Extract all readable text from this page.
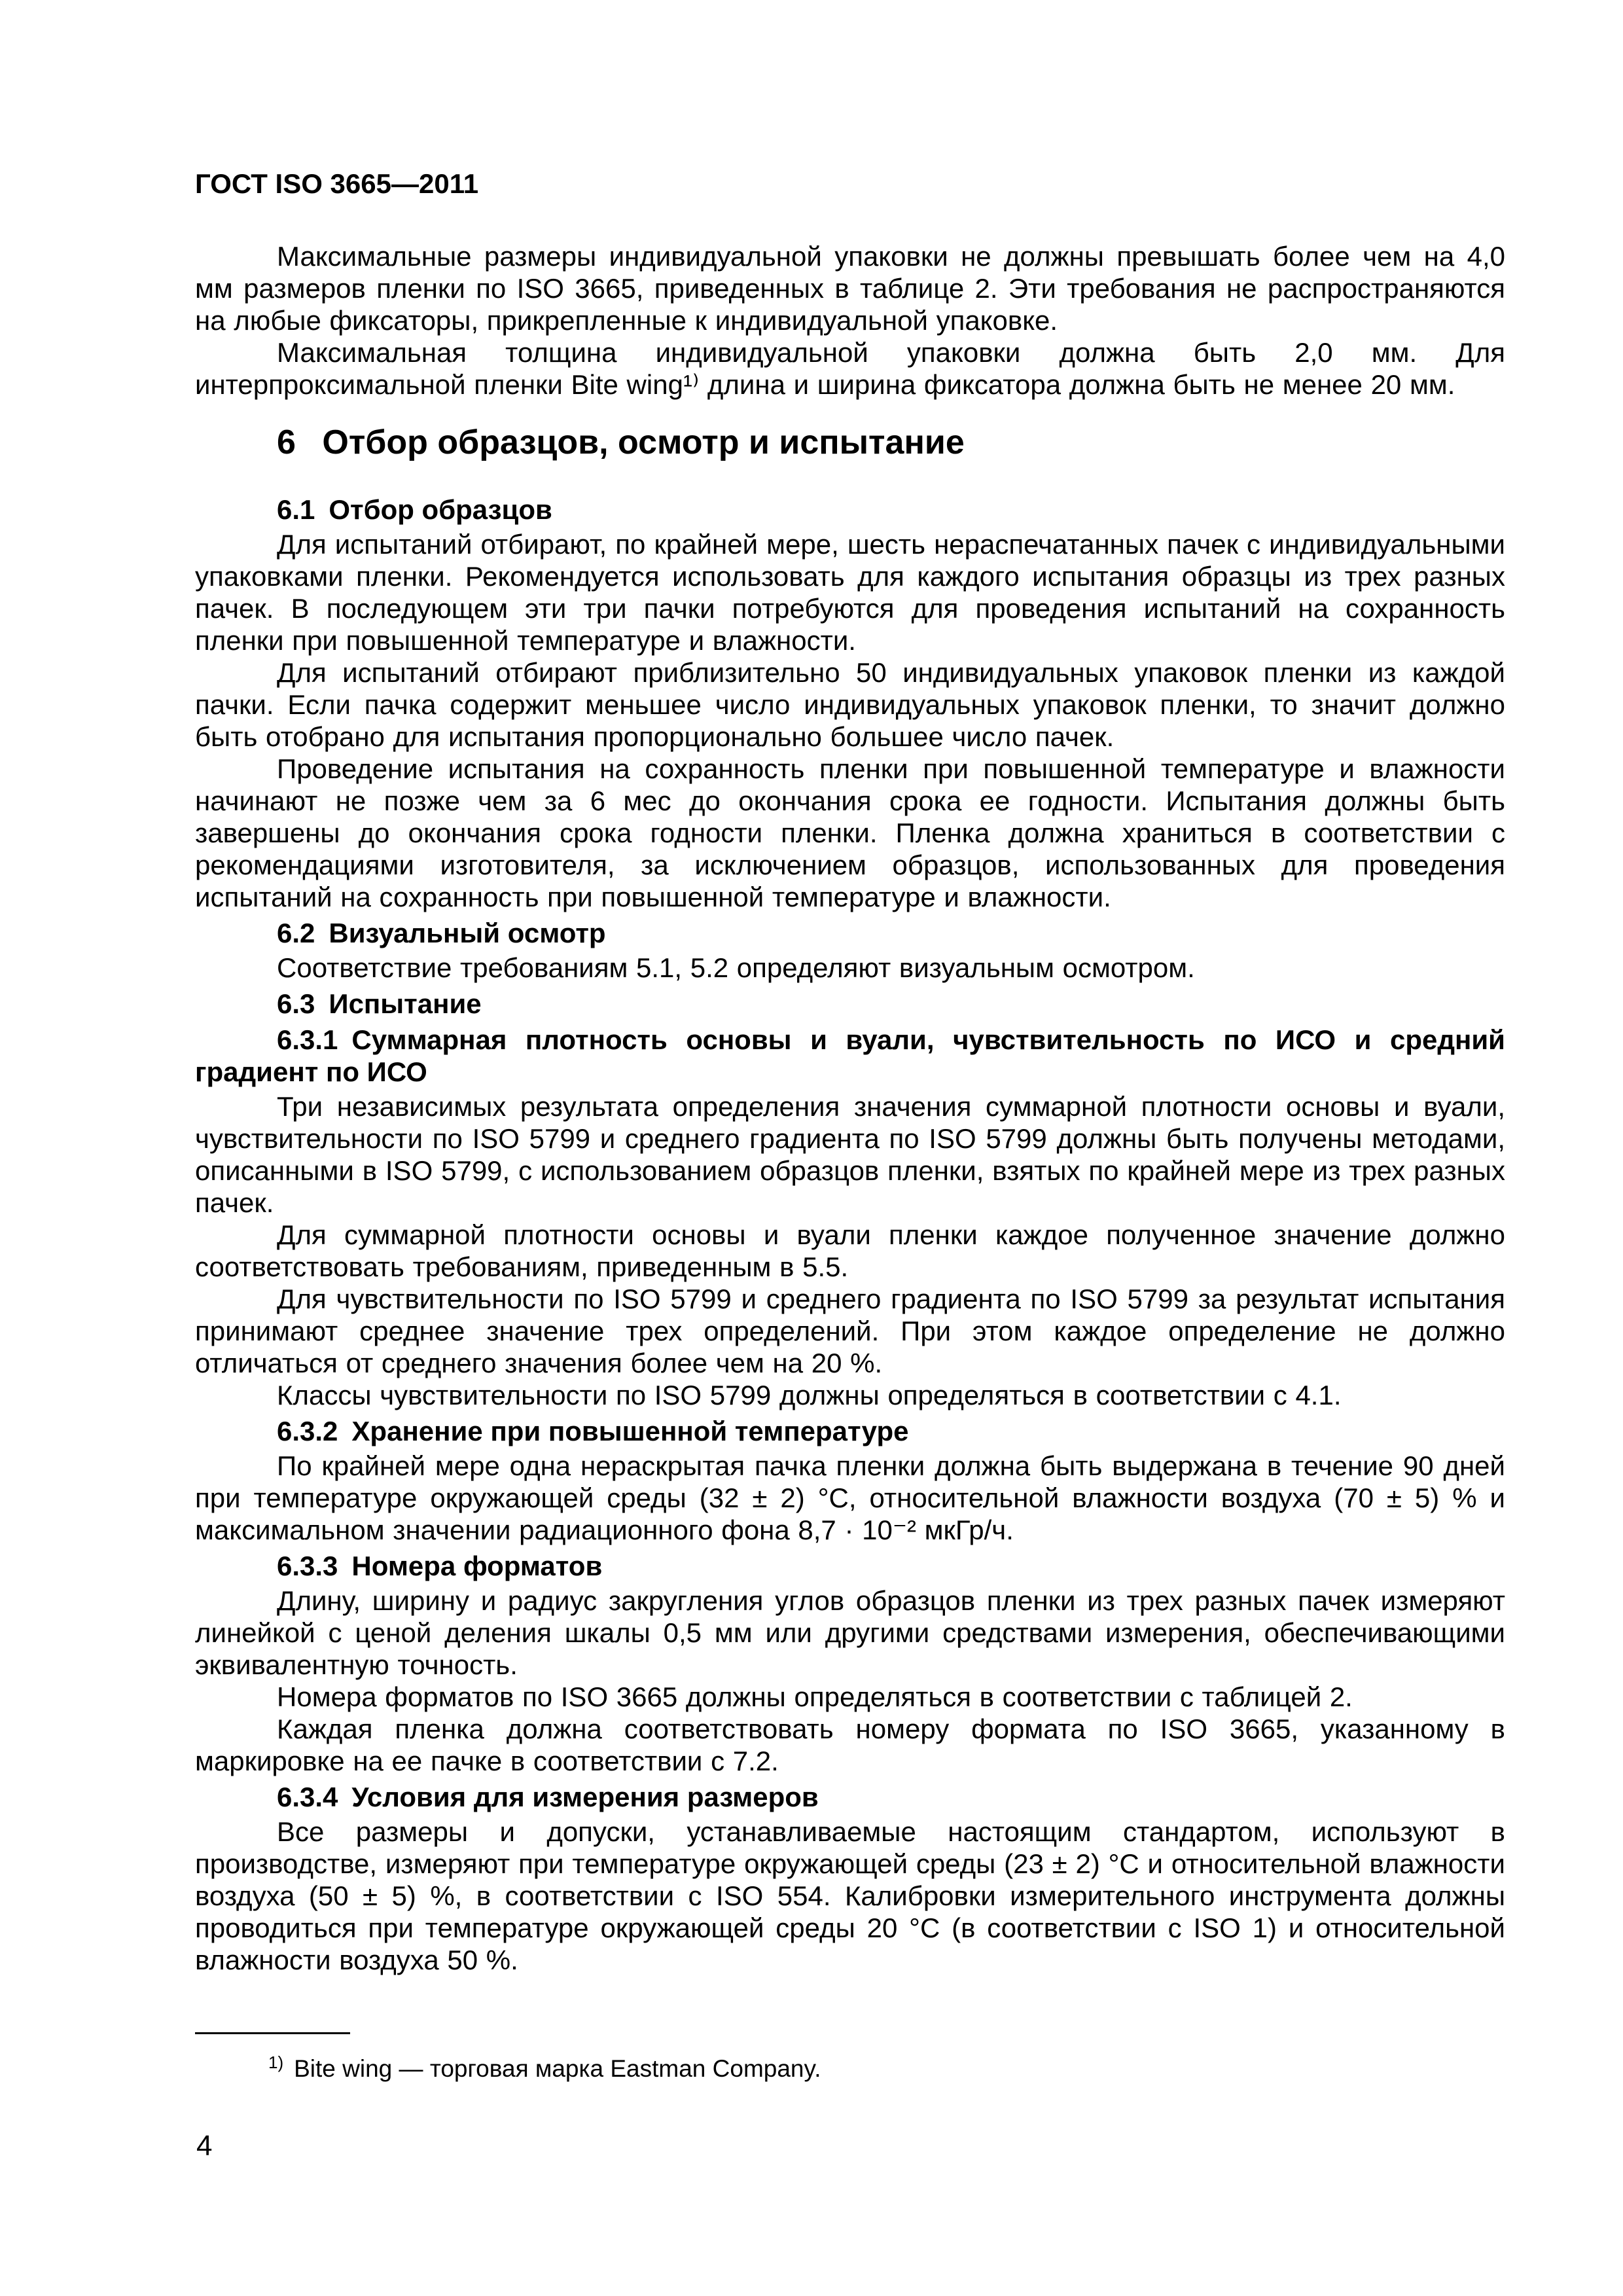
ГОСТ ISO 3665—2011

Максимальные размеры индивидуальной упаковки не должны превышать более чем на 4,0 мм размеров пленки по ISO 3665, приведенных в таблице 2. Эти требования не распространяются на любые фиксаторы, прикрепленные к индивидуальной упаковке.

Максимальная толщина индивидуальной упаковки должна быть 2,0 мм. Для интерпроксимальной пленки Bite wing¹⁾ длина и ширина фиксатора должна быть не менее 20 мм.

6  Отбор образцов, осмотр и испытание
6.1 Отбор образцов

Для испытаний отбирают, по крайней мере, шесть нераспечатанных пачек с индивидуальными упаковками пленки. Рекомендуется использовать для каждого испытания образцы из трех разных пачек. В последующем эти три пачки потребуются для проведения испытаний на сохранность пленки при повышенной температуре и влажности.

Для испытаний отбирают приблизительно 50 индивидуальных упаковок пленки из каждой пачки. Если пачка содержит меньшее число индивидуальных упаковок пленки, то значит должно быть отобрано для испытания пропорционально большее число пачек.

Проведение испытания на сохранность пленки при повышенной температуре и влажности начинают не позже чем за 6 мес до окончания срока ее годности. Испытания должны быть завершены до окончания срока годности пленки. Пленка должна храниться в соответствии с рекомендациями изготовителя, за исключением образцов, использованных для проведения испытаний на сохранность при повышенной температуре и влажности.

6.2 Визуальный осмотр

Соответствие требованиям 5.1, 5.2 определяют визуальным осмотром.

6.3 Испытание
6.3.1 Суммарная плотность основы и вуали, чувствительность по ИСО и средний градиент по ИСО

Три независимых результата определения значения суммарной плотности основы и вуали, чувствительности по ISO 5799 и среднего градиента по ISO 5799 должны быть получены методами, описанными в ISO 5799, с использованием образцов пленки, взятых по крайней мере из трех разных пачек.

Для суммарной плотности основы и вуали пленки каждое полученное значение должно соответствовать требованиям, приведенным в 5.5.

Для чувствительности по ISO 5799 и среднего градиента по ISO 5799 за результат испытания принимают среднее значение трех определений. При этом каждое определение не должно отличаться от среднего значения более чем на 20 %.

Классы чувствительности по ISO 5799 должны определяться в соответствии с 4.1.

6.3.2 Хранение при повышенной температуре

По крайней мере одна нераскрытая пачка пленки должна быть выдержана в течение 90 дней при температуре окружающей среды (32 ± 2) °С, относительной влажности воздуха (70 ± 5) % и максимальном значении радиационного фона 8,7 · 10⁻² мкГр/ч.

6.3.3 Номера форматов

Длину, ширину и радиус закругления углов образцов пленки из трех разных пачек измеряют линейкой с ценой деления шкалы 0,5 мм или другими средствами измерения, обеспечивающими эквивалентную точность.

Номера форматов по ISO 3665 должны определяться в соответствии с таблицей 2.

Каждая пленка должна соответствовать номеру формата по ISO 3665, указанному в маркировке на ее пачке в соответствии с 7.2.

6.3.4 Условия для измерения размеров

Все размеры и допуски, устанавливаемые настоящим стандартом, используют в производстве, измеряют при температуре окружающей среды (23 ± 2) °С и относительной влажности воздуха (50 ± 5) %, в соответствии с ISO 554. Калибровки измерительного инструмента должны проводиться при температуре окружающей среды 20 °С (в соответствии с ISO 1) и относительной влажности воздуха 50 %.

$^{1)}$ Bite wing — торговая марка Eastman Company.
4
